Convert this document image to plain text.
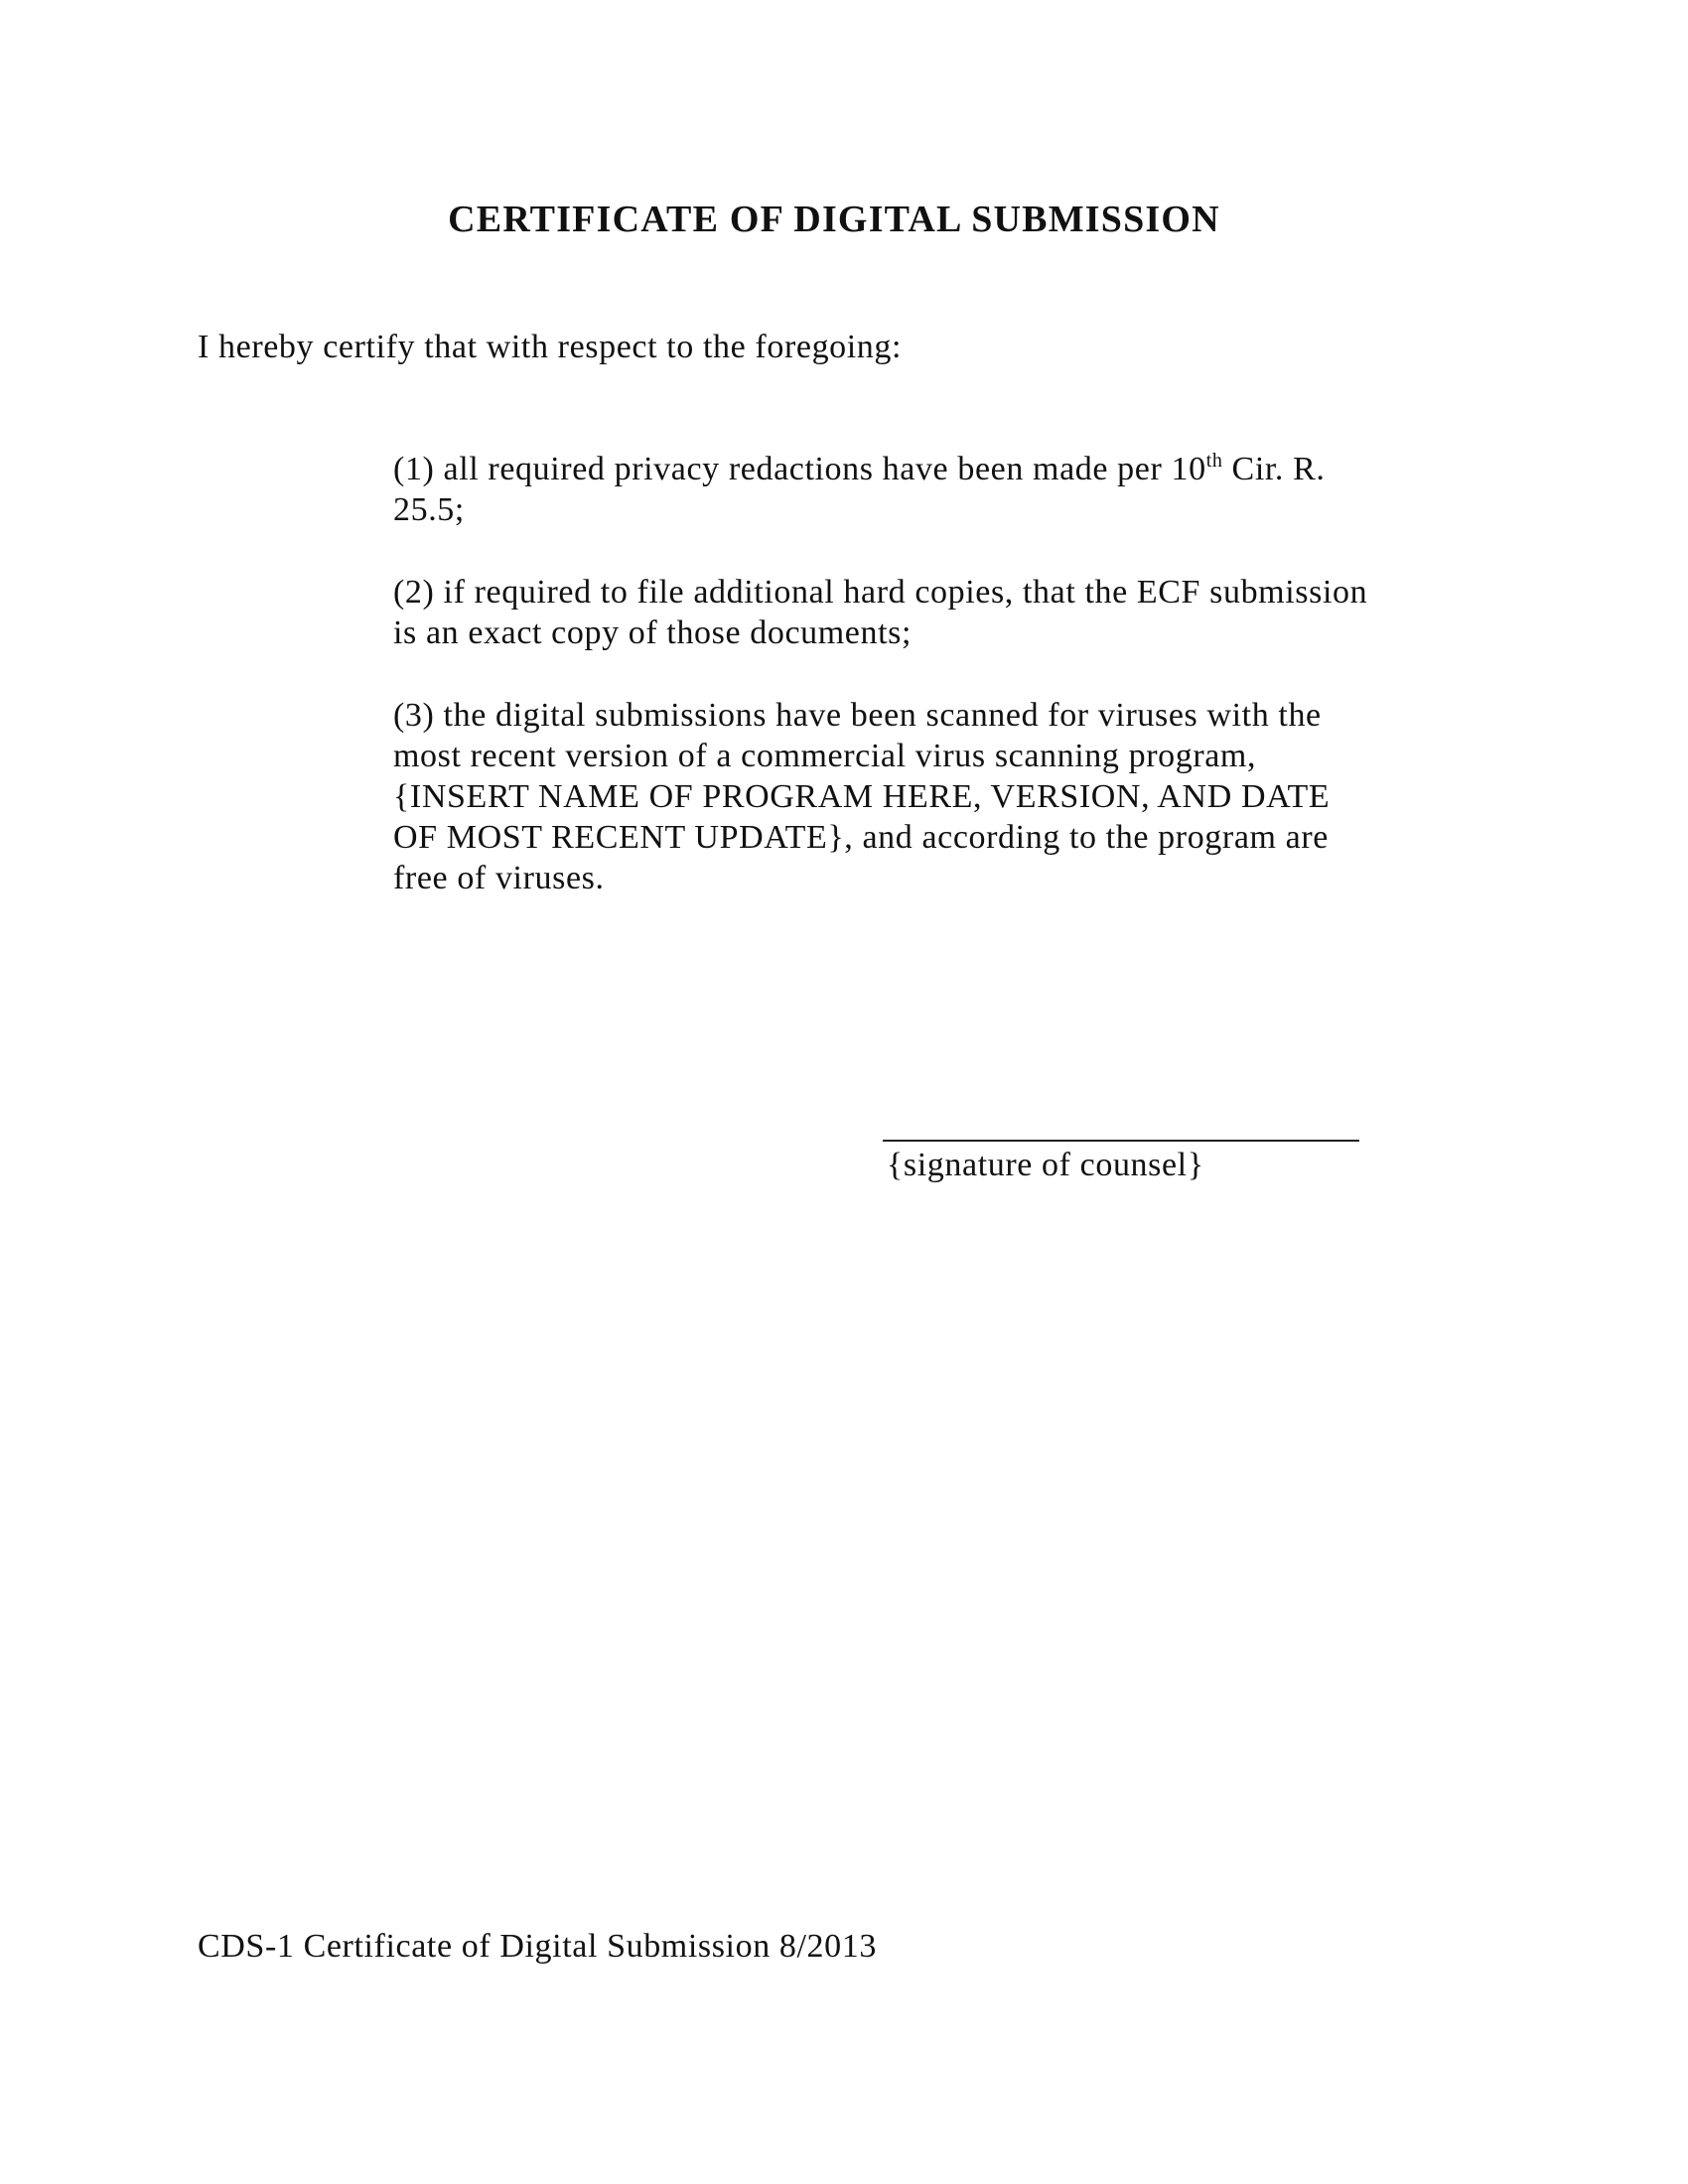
CERTIFICATE OF DIGITAL SUBMISSION
I hereby certify that with respect to the foregoing:
(1) all required privacy redactions have been made per 10th Cir. R.
25.5;
(2) if required to file additional hard copies, that the ECF submission
is an exact copy of those documents;
(3) the digital submissions have been scanned for viruses with the
most recent version of a commercial virus scanning program,
{INSERT NAME OF PROGRAM HERE, VERSION, AND DATE
OF MOST RECENT UPDATE}, and according to the program are
free of viruses.
{signature of counsel}
CDS-1 Certificate of Digital Submission 8/2013
